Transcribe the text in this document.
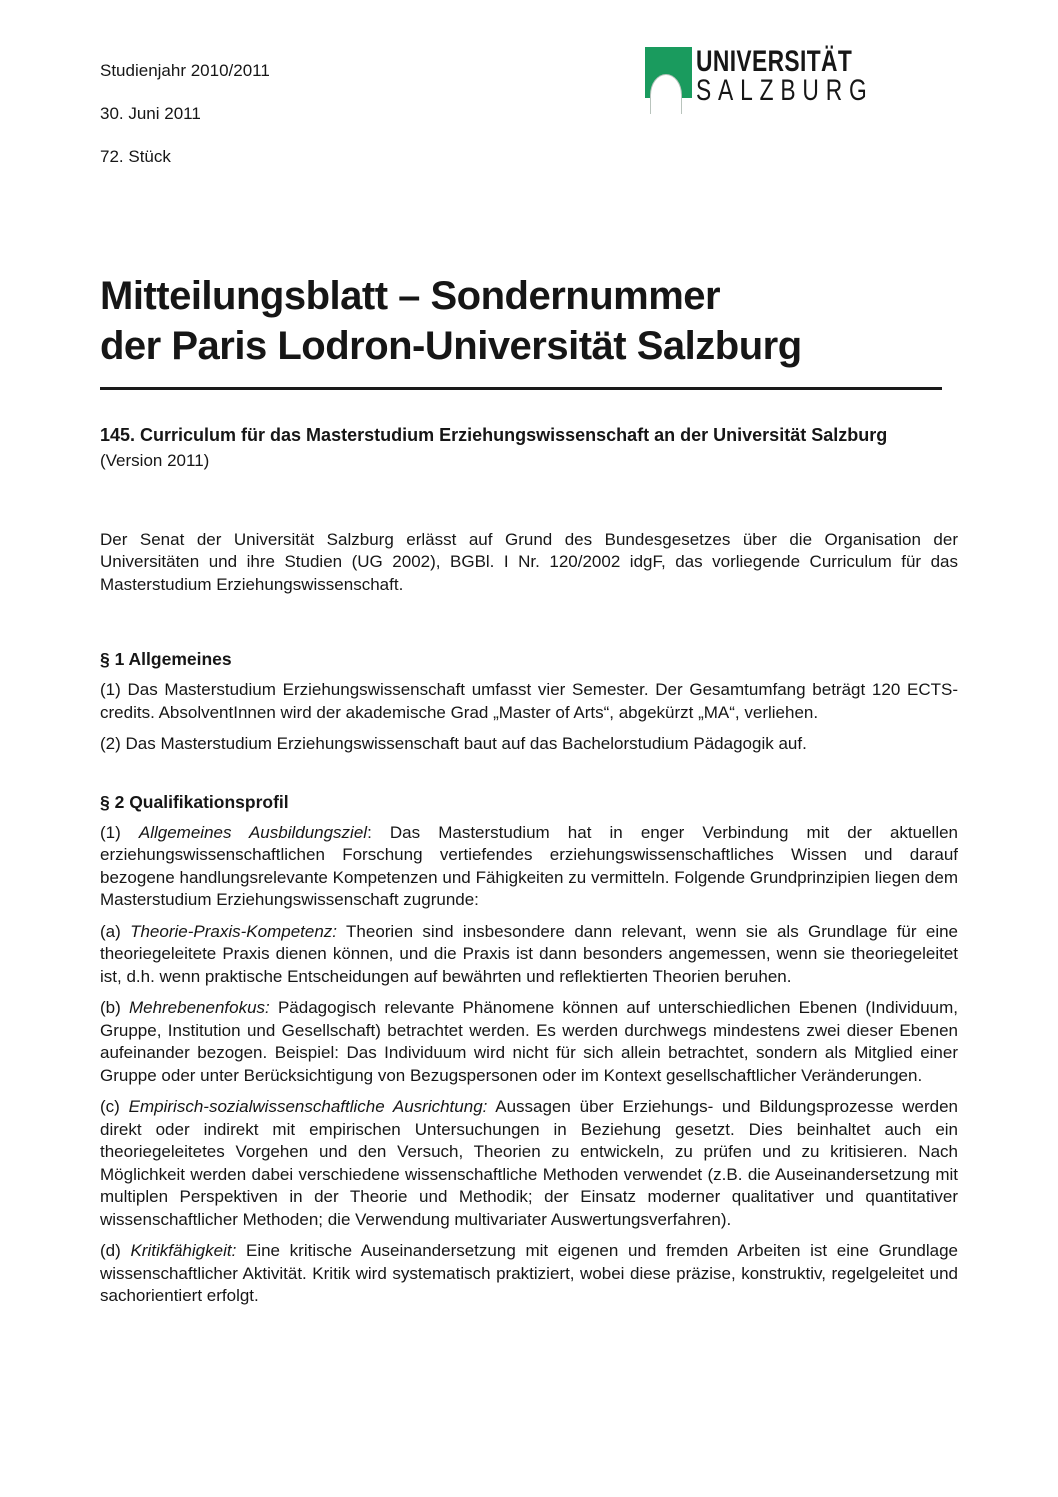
Studienjahr 2010/2011

30. Juni 2011

72. Stück

UNIVERSITÄT
SALZBURG
Mitteilungsblatt – Sondernummer
der Paris Lodron-Universität Salzburg
145. Curriculum für das Masterstudium Erziehungswissenschaft an der Universität Salzburg
(Version 2011)

Der Senat der Universität Salzburg erlässt auf Grund des Bundesgesetzes über die Organisation der Universitäten und ihre Studien (UG 2002), BGBl. I Nr. 120/2002 idgF, das vorliegende Curriculum für das Masterstudium Erziehungswissenschaft.

§ 1 Allgemeines

(1) Das Masterstudium Erziehungswissenschaft umfasst vier Semester. Der Gesamtumfang beträgt 120 ECTS-credits. AbsolventInnen wird der akademische Grad „Master of Arts“, abgekürzt „MA“, verliehen.

(2) Das Masterstudium Erziehungswissenschaft baut auf das Bachelorstudium Pädagogik auf.

§ 2 Qualifikationsprofil

(1) Allgemeines Ausbildungsziel: Das Masterstudium hat in enger Verbindung mit der aktuellen erziehungswissenschaftlichen Forschung vertiefendes erziehungswissenschaftliches Wissen und darauf bezogene handlungsrelevante Kompetenzen und Fähigkeiten zu vermitteln. Folgende Grundprinzipien liegen dem Masterstudium Erziehungswissenschaft zugrunde:

(a) Theorie-Praxis-Kompetenz: Theorien sind insbesondere dann relevant, wenn sie als Grundlage für eine theoriegeleitete Praxis dienen können, und die Praxis ist dann besonders angemessen, wenn sie theoriegeleitet ist, d.h. wenn praktische Entscheidungen auf bewährten und reflektierten Theorien beruhen.

(b) Mehrebenenfokus: Pädagogisch relevante Phänomene können auf unterschiedlichen Ebenen (Individuum, Gruppe, Institution und Gesellschaft) betrachtet werden. Es werden durchwegs mindestens zwei dieser Ebenen aufeinander bezogen. Beispiel: Das Individuum wird nicht für sich allein betrachtet, sondern als Mitglied einer Gruppe oder unter Berücksichtigung von Bezugspersonen oder im Kontext gesellschaftlicher Veränderungen.

(c) Empirisch-sozialwissenschaftliche Ausrichtung: Aussagen über Erziehungs- und Bildungsprozesse werden direkt oder indirekt mit empirischen Untersuchungen in Beziehung gesetzt. Dies beinhaltet auch ein theoriegeleitetes Vorgehen und den Versuch, Theorien zu entwickeln, zu prüfen und zu kritisieren. Nach Möglichkeit werden dabei verschiedene wissenschaftliche Methoden verwendet (z.B. die Auseinandersetzung mit multiplen Perspektiven in der Theorie und Methodik; der Einsatz moderner qualitativer und quantitativer wissenschaftlicher Methoden; die Verwendung multivariater Auswertungsverfahren).

(d) Kritikfähigkeit: Eine kritische Auseinandersetzung mit eigenen und fremden Arbeiten ist eine Grundlage wissenschaftlicher Aktivität. Kritik wird systematisch praktiziert, wobei diese präzise, konstruktiv, regelgeleitet und sachorientiert erfolgt.
